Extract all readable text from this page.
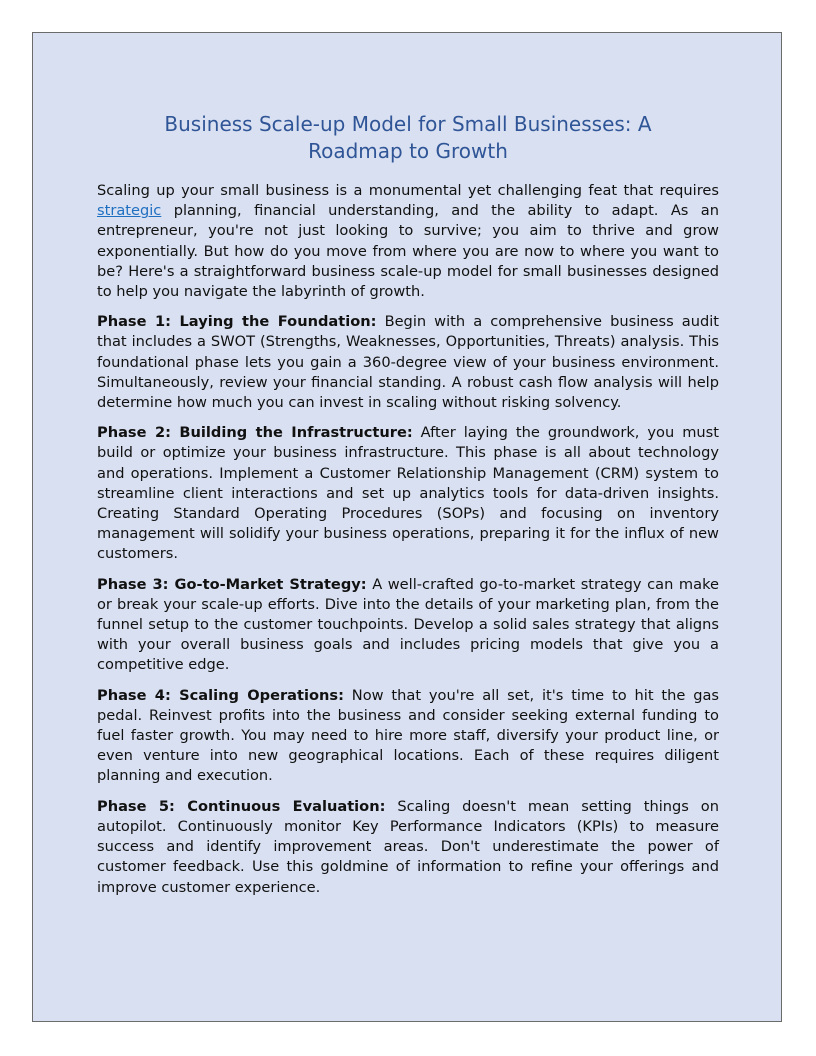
Business Scale-up Model for Small Businesses: A Roadmap to Growth

Scaling up your small business is a monumental yet challenging feat that requires strategic planning, financial understanding, and the ability to adapt. As an entrepreneur, you're not just looking to survive; you aim to thrive and grow exponentially. But how do you move from where you are now to where you want to be? Here's a straightforward business scale-up model for small businesses designed to help you navigate the labyrinth of growth.

Phase 1: Laying the Foundation: Begin with a comprehensive business audit that includes a SWOT (Strengths, Weaknesses, Opportunities, Threats) analysis. This foundational phase lets you gain a 360-degree view of your business environment. Simultaneously, review your financial standing. A robust cash flow analysis will help determine how much you can invest in scaling without risking solvency.

Phase 2: Building the Infrastructure: After laying the groundwork, you must build or optimize your business infrastructure. This phase is all about technology and operations. Implement a Customer Relationship Management (CRM) system to streamline client interactions and set up analytics tools for data-driven insights. Creating Standard Operating Procedures (SOPs) and focusing on inventory management will solidify your business operations, preparing it for the influx of new customers.

Phase 3: Go-to-Market Strategy: A well-crafted go-to-market strategy can make or break your scale-up efforts. Dive into the details of your marketing plan, from the funnel setup to the customer touchpoints. Develop a solid sales strategy that aligns with your overall business goals and includes pricing models that give you a competitive edge.

Phase 4: Scaling Operations: Now that you're all set, it's time to hit the gas pedal. Reinvest profits into the business and consider seeking external funding to fuel faster growth. You may need to hire more staff, diversify your product line, or even venture into new geographical locations. Each of these requires diligent planning and execution.

Phase 5: Continuous Evaluation: Scaling doesn't mean setting things on autopilot. Continuously monitor Key Performance Indicators (KPIs) to measure success and identify improvement areas. Don't underestimate the power of customer feedback. Use this goldmine of information to refine your offerings and improve customer experience.
